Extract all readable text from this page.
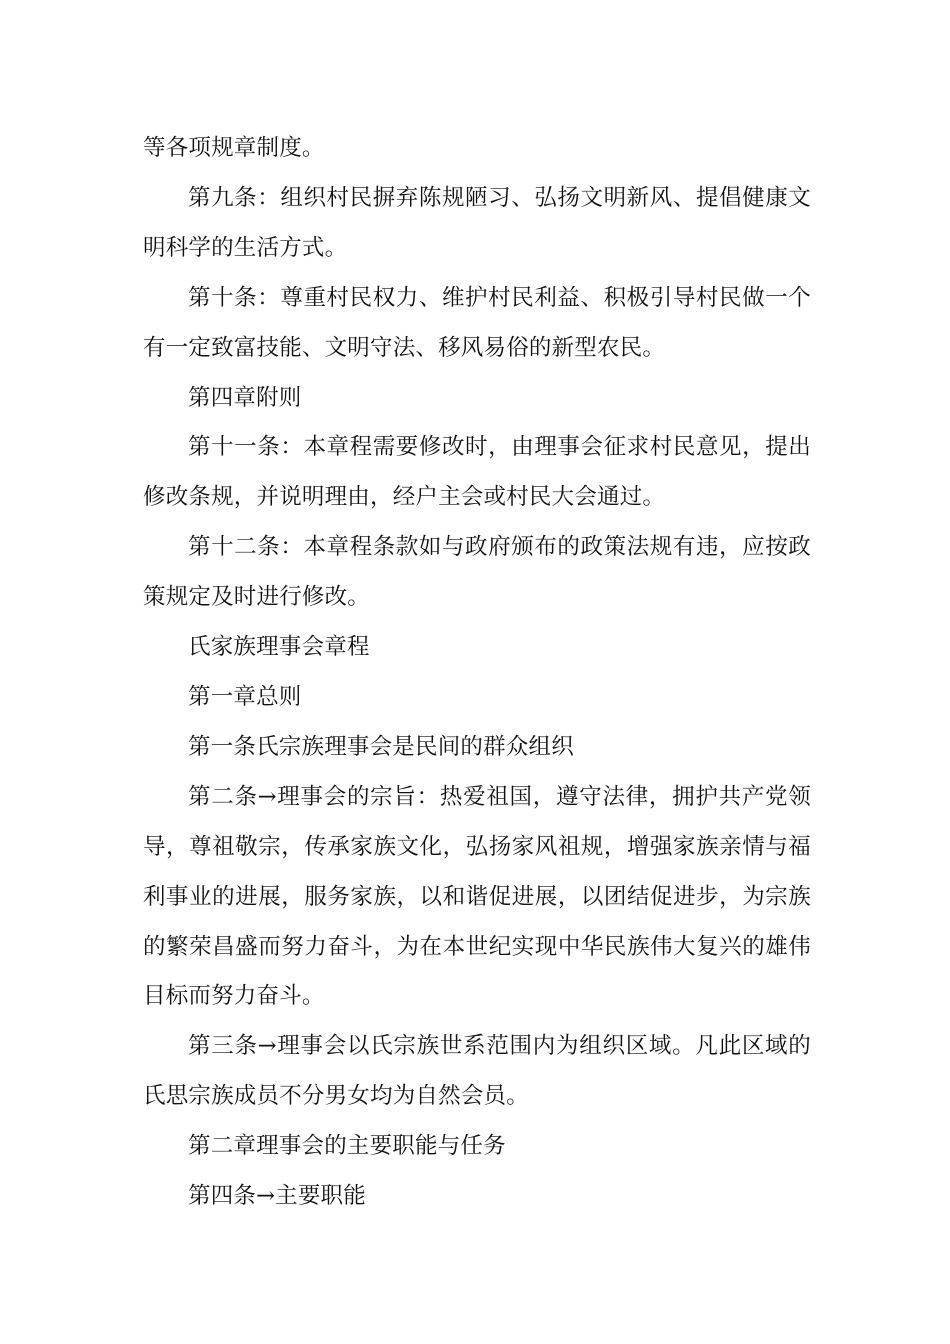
等各项规章制度。

第九条：组织村民摒弃陈规陋习、弘扬文明新风、提倡健康文明科学的生活方式。

第十条：尊重村民权力、维护村民利益、积极引导村民做一个有一定致富技能、文明守法、移风易俗的新型农民。

第四章附则

第十一条：本章程需要修改时，由理事会征求村民意见，提出修改条规，并说明理由，经户主会或村民大会通过。

第十二条：本章程条款如与政府颁布的政策法规有违，应按政策规定及时进行修改。

氏家族理事会章程

第一章总则

第一条氏宗族理事会是民间的群众组织

第二条→理事会的宗旨：热爱祖国，遵守法律，拥护共产党领导，尊祖敬宗，传承家族文化，弘扬家风祖规，增强家族亲情与福利事业的进展，服务家族，以和谐促进展，以团结促进步，为宗族的繁荣昌盛而努力奋斗，为在本世纪实现中华民族伟大复兴的雄伟目标而努力奋斗。

第三条→理事会以氏宗族世系范围内为组织区域。凡此区域的氏思宗族成员不分男女均为自然会员。

第二章理事会的主要职能与任务

第四条→主要职能
